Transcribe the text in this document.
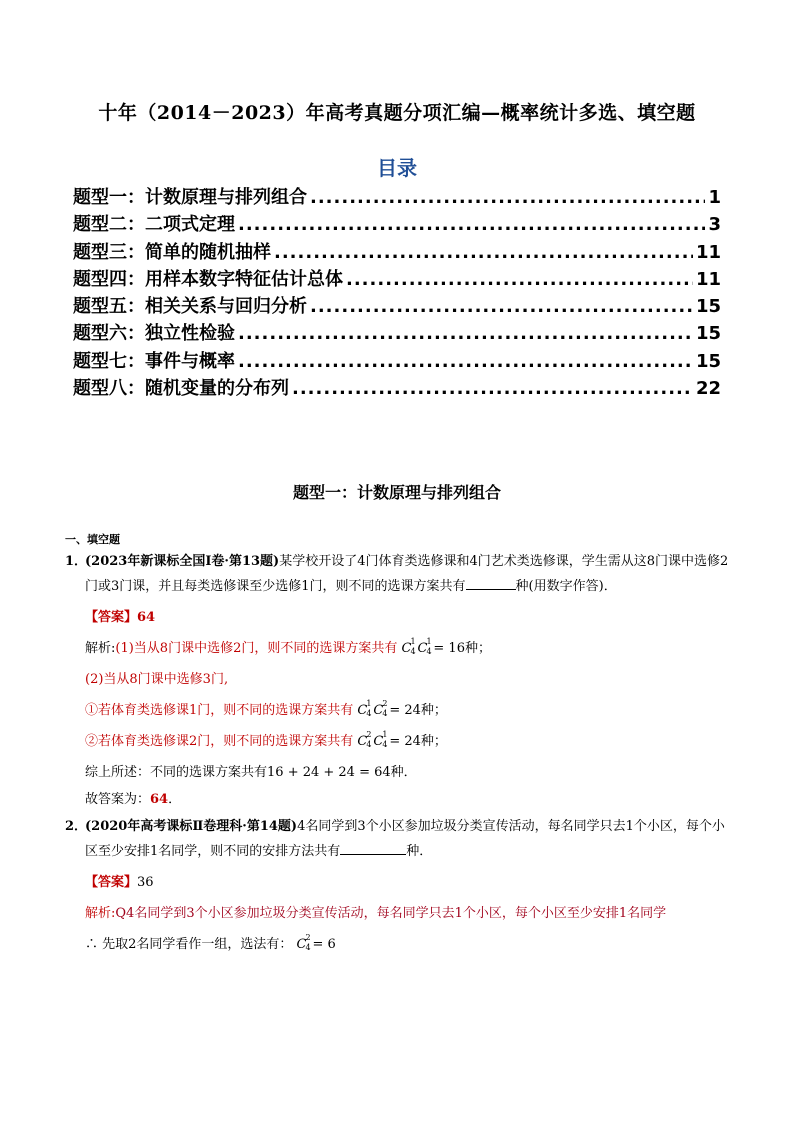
十年（2014－2023）年高考真题分项汇编—概率统计多选、填空题
目录
题型一：计数原理与排列组合 .....	1
题型二：二项式定理 .....	3
题型三：简单的随机抽样 .....	11
题型四：用样本数字特征估计总体 .....	11
题型五：相关关系与回归分析 .....	15
题型六：独立性检验 .....	15
题型七：事件与概率 .....	15
题型八：随机变量的分布列 .....	22
题型一：计数原理与排列组合
一、填空题
1．
(2023年新课标全国Ⅰ卷·第13题)某学校开设了4门体育类选修课和4门艺术类选修课，学生需从这8门课中选修2门或3门课，并且每类选修课至少选修1门，则不同的选课方案共有	种(用数字作答)．
【答案】64
解析:(1)当从8门课中选修2门，则不同的选课方案共有 C 1
4 C 1
4 = 16种；
(2)当从8门课中选修3门,
①若体育类选修课1门，则不同的选课方案共有 C 1
4 C 2
4 = 24种；
②若体育类选修课2门，则不同的选课方案共有 C 2
4 C 1
4 = 24种；
综上所述：不同的选课方案共有16 + 24 + 24 = 64种．
故答案为：64．
2．
(2020年高考课标Ⅱ卷理科·第14题)4名同学到3个小区参加垃圾分类宣传活动，每名同学只去1个小区，每个小区至少安排1名同学，则不同的安排方法共有	种．
【答案】36
解析:Q4名同学到3个小区参加垃圾分类宣传活动，每名同学只去1个小区，每个小区至少安排1名同学
∴ 先取2名同学看作一组，选法有： C 2
4 = 6
